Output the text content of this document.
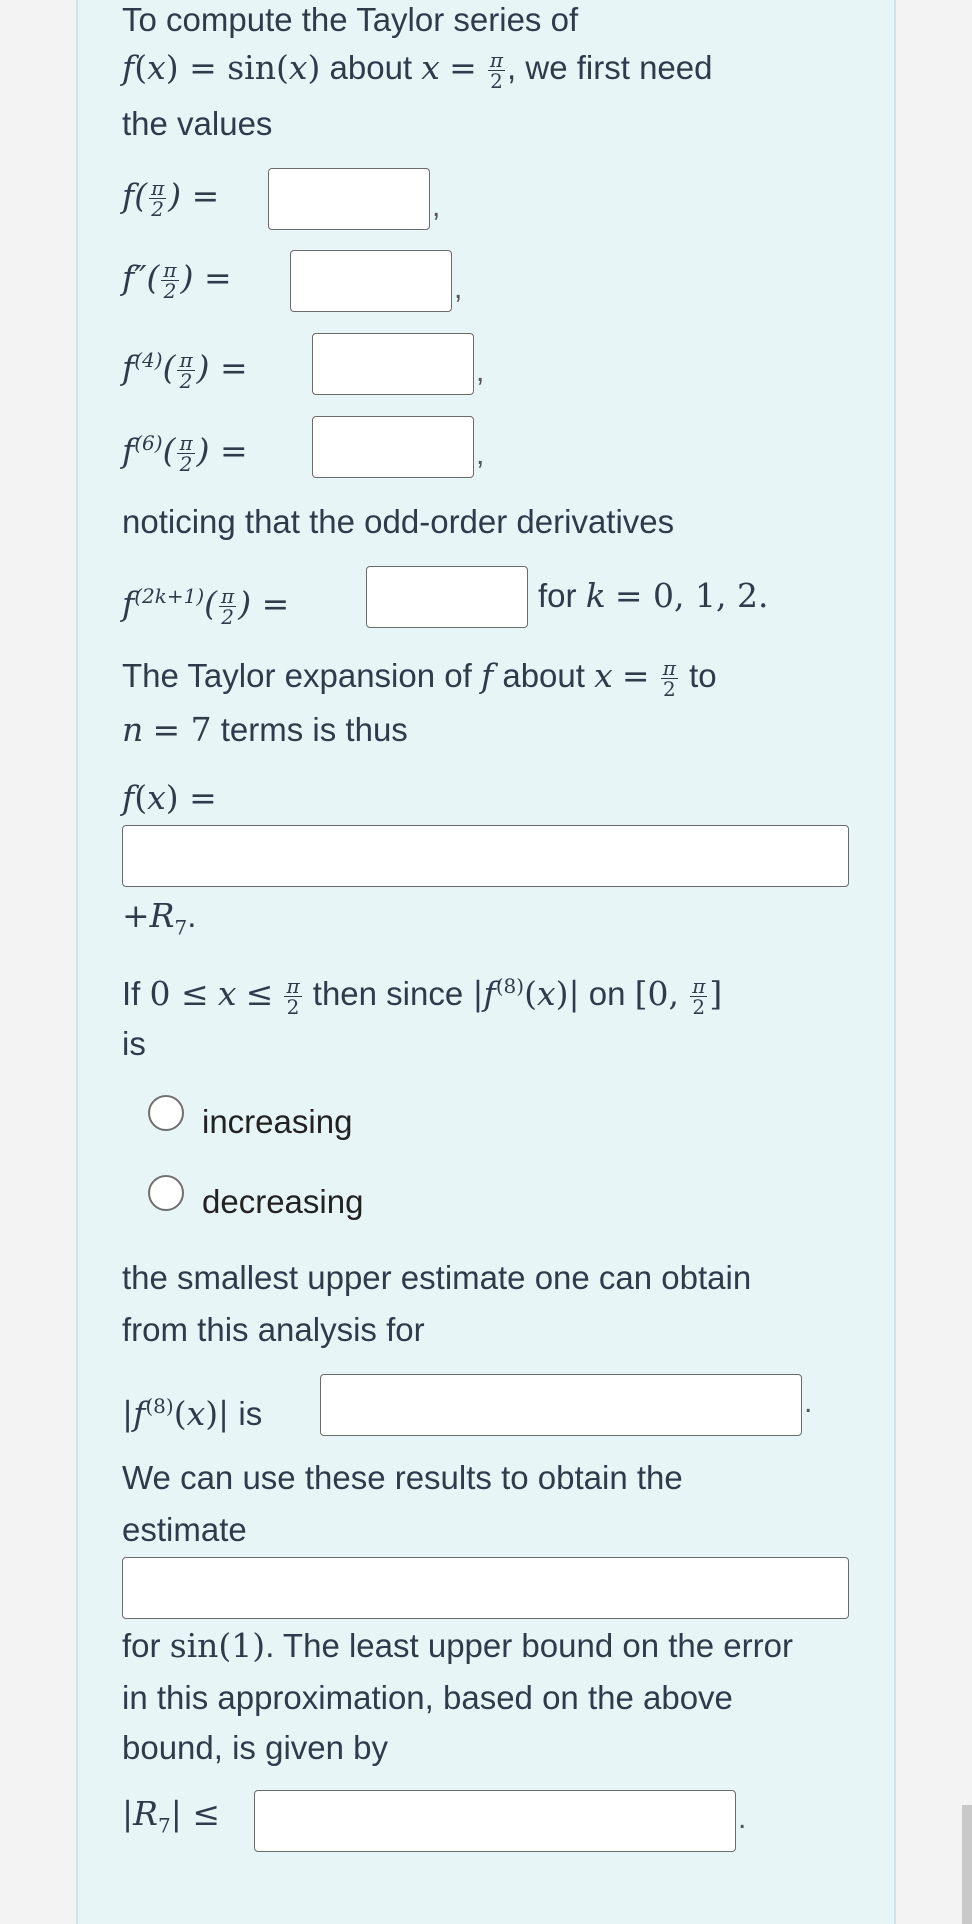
To compute the Taylor series of
f(x) = sin(x) about $x = \frac{\pi}{2}$ , we first need
the values
$f( \frac{\pi}{2}$ ) =	,
$f''( \frac{\pi}{2}$ ) =	,
$f^{(4)}( \frac{\pi}{2}$ ) =	,
$f^{(6)}( \frac{\pi}{2}$ ) =	,
noticing that the odd-order derivatives
$f^{(2k+1)}( \frac{\pi}{2}$ ) =	for k = 0, 1, 2.
The Taylor expansion of f about $x = \frac{\pi}{2}$ to
n = 7 terms is thus
f(x) =
$+R_7$.
If $0 \le x \le \frac{\pi}{2}$ then since $|f^{(8)}(x)|$ on [0, $\frac{\pi}{2}$ ]
is
increasing
decreasing
the smallest upper estimate one can obtain
from this analysis for
$|f^{(8)}(x)|$ is	.
We can use these results to obtain the
estimate
for sin(1). The least upper bound on the error
in this approximation, based on the above
bound, is given by
$|R_7|$ ≤	.
